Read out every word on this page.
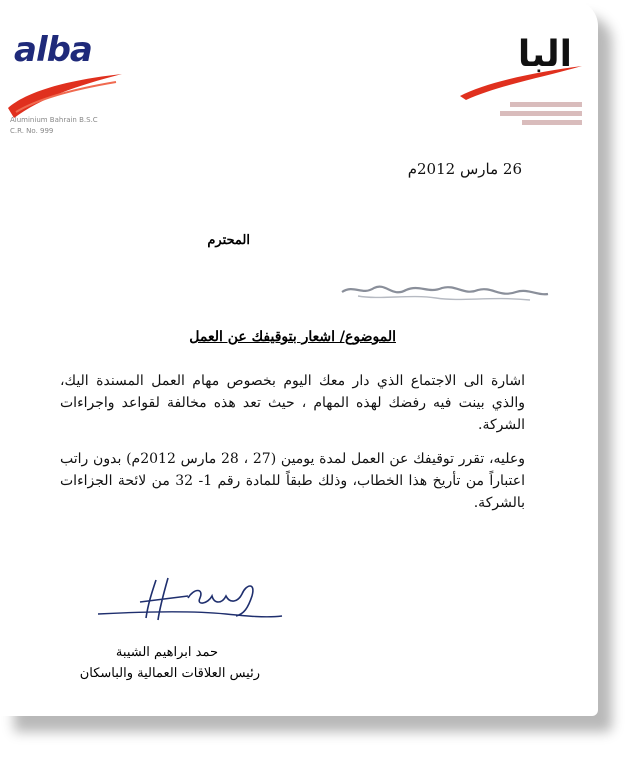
alba
Aluminium Bahrain B.S.C
C.R. No. 999
البا
26 مارس 2012م
المحترم
الموضوع/ اشعار بتوقيفك عن العمل
اشارة الى الاجتماع الذي دار معك اليوم بخصوص مهام العمل المسندة اليك، والذي بينت فيه رفضك لهذه المهام ، حيث تعد هذه مخالفة لقواعد واجراءات الشركة.
وعليه، تقرر توقيفك عن العمل لمدة يومين (27 ، 28 مارس 2012م) بدون راتب اعتباراً من تأريخ هذا الخطاب، وذلك طبقاً للمادة رقم 1- 32 من لائحة الجزاءات بالشركة.
حمد ابراهيم الشيبة
رئيس العلاقات العمالية والباسكان
